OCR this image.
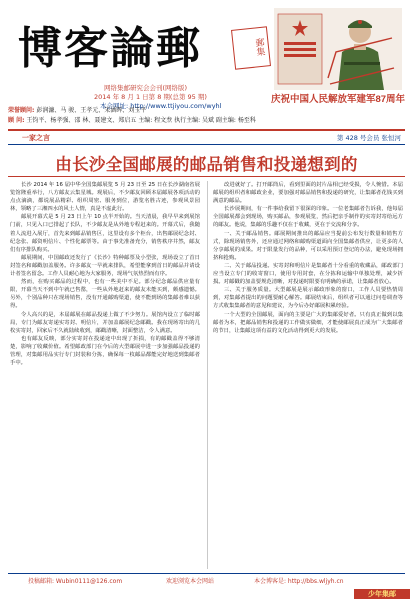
博客論郵
网络集邮研究会会刊(网络版)
2014 年 8 月 1 日第 8 期(总第 95 期)
本会网址: http://www.ttjiyou.com/wyhl
郵集
庆祝中国人民解放军建军87周年
荣誉顾问: 彭润濂、马 骏、王孝元、宋涵晖、刘玉平
顾 问: 王钧平、杨孝强、邵 林、聂建文、郑启五 主编: 程文焘 执行主编: 吴斌 副主编: 杨至科
一家之言	第 428 号会员 张恒河
由长沙全国邮展的邮品销售和投递想到的

长沙 2014 年 16 届中华全国集邮展览 5 月 23 日至 25 日在长沙湖南省展览馆隆重举行，八方邮友云集星城。观展后，不少邮友回顾本届邮展各项活动的点点滴滴，都说展品精彩、组织周密、服务到位，游览名胜古迹，参观风景园林，领略了三湘四水的风土人情，真是不虚此行。

邮展开幕式是 5 月 23 日上午 10 点半开始的。当天清晨，我早早来到展馆门前，只见入口已排起了长队，不少邮友是从外地专程赶来的。开幕式后，我随着人流进入展厅，首先来到邮品销售区，这里设有多个柜台，出售邮展纪念封、纪念张、邮资明信片、个性化邮票等。由于事先准备充分，销售秩序井然，邮友们有序排队购买。

邮展期间，中国邮政还发行了《长沙》特种邮票及小型张，现场设立了首日封签名和邮戳加盖服务。许多邮友一早就来排队，希望能拿到首日的邮品并请设计者签名留念。工作人员耐心地为大家服务，现场气氛热烈而有序。

然而，在购买邮品的过程中，也有一些美中不足。部分纪念邮品供应量有限，开幕当天不到中午就已售罄，一些从外地赶来的邮友未能买到，颇感遗憾。另外，个别品种只在现场销售，没有开通邮购渠道，使不能到场的集邮者难以获得。

令人高兴的是，本届邮展在邮品投递上做了不少努力。展馆内设立了临时邮局，专门为邮友寄递实寄封、明信片，并加盖邮展纪念邮戳。我在现场寄出的几枚实寄封，回家后不久就陆续收到，邮戳清晰，封面整洁，令人满意。

也有邮友反映，部分实寄封在投递途中出现了折损，有的邮戳盖得不够清楚，影响了收藏价值。希望邮政部门在今后的大型邮展中进一步加强邮品投递的管理，对集邮用品实行专门封装和分拣，确保每一枚邮品都能完好地送到集邮者手中。

改进就好了。打开邮筒后，看到里面的封片品相已经受损，令人惋惜。本届邮展的组织者和邮政企业，要加强对邮品销售和投递的研究，让集邮者花钱买到满意的邮品。

长沙展期间，有一件事给我留下很深的印象。一位老集邮者告诉我，他每届全国邮展都会到现场，购买邮品，参观展览，然后把亲手制作的实寄封寄给远方的邮友。他说，集邮的乐趣不仅在于收藏，更在于交流和分享。

一、关于邮品销售。邮展期间推出的邮品应当提前公布发行数量和销售方式，除现场销售外，还应通过网络和邮购渠道面向全国集邮者供应，让更多的人分享邮展的成果。对于限量发行的品种，可以采用预订登记的办法，避免现场拥挤和抢购。

二、关于邮品投递。实寄封和明信片是集邮者十分看重的收藏品，邮政部门应当设立专门的收寄窗口，使用专用封套，在分拣和运输中单独处理，减少折损。对邮戳的加盖要规范清晰，对投递时限要有明确的承诺，让集邮者放心。

三、关于服务质量。大型邮展是展示邮政形象的窗口，工作人员要热情周到，对集邮者提出的问题要耐心解答。邮展结束后，组织者可以通过问卷调查等方式收集集邮者的意见和建议，为今后办好邮展积累经验。

一个大型的全国邮展，面向的主要是广大的集邮爱好者。只有真正做到以集邮者为本，把邮品销售和投递的工作做实做细，才能使邮展真正成为广大集邮者的节日，让集邮这项有益的文化活动得到更大的发展。

投稿邮箱: Wubin0111@126.com	欢迎浏览本会网站	本会博客是: http://bbs.wljyh.cn
少年集邮
